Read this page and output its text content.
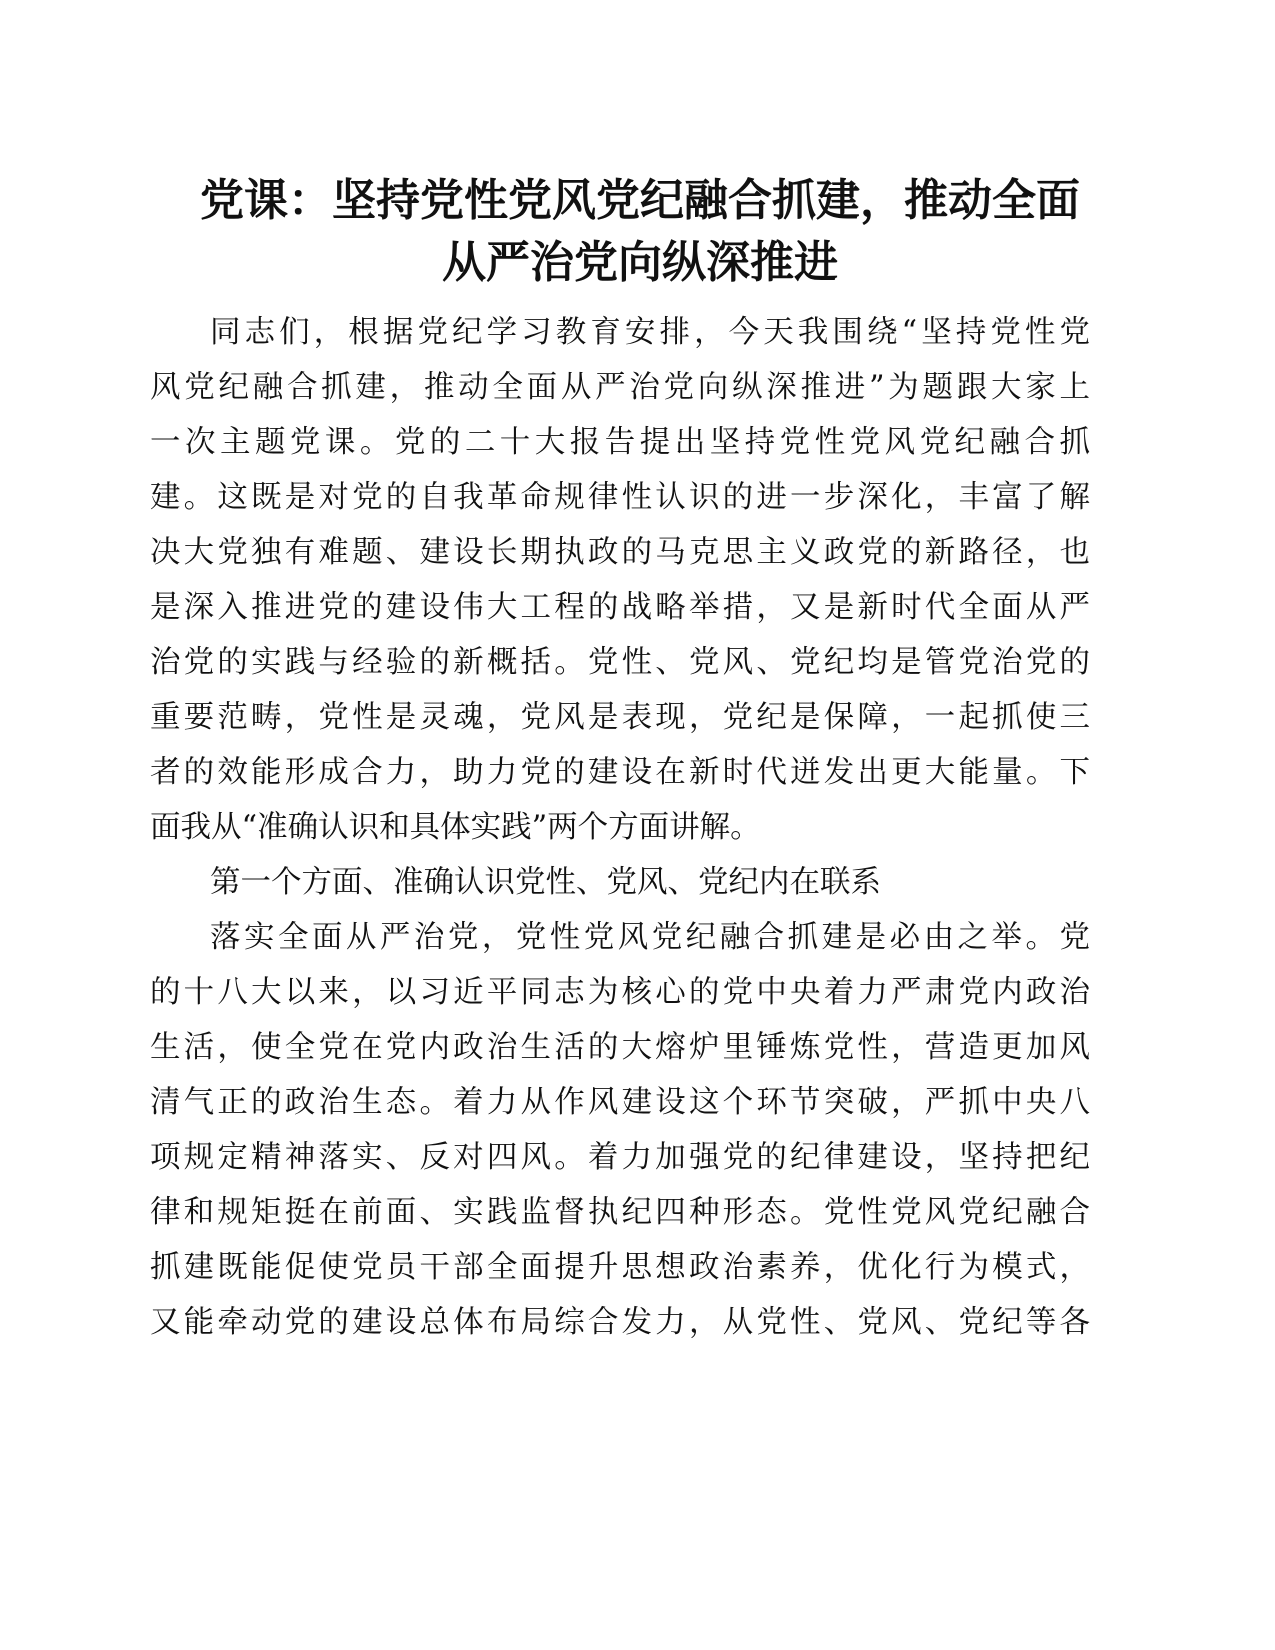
党课：坚持党性党风党纪融合抓建，推动全面
从严治党向纵深推进
同志们，根据党纪学习教育安排，今天我围绕“坚持党性党
风党纪融合抓建，推动全面从严治党向纵深推进”为题跟大家上
一次主题党课。党的二十大报告提出坚持党性党风党纪融合抓
建。这既是对党的自我革命规律性认识的进一步深化，丰富了解
决大党独有难题、建设长期执政的马克思主义政党的新路径，也
是深入推进党的建设伟大工程的战略举措，又是新时代全面从严
治党的实践与经验的新概括。党性、党风、党纪均是管党治党的
重要范畴，党性是灵魂，党风是表现，党纪是保障，一起抓使三
者的效能形成合力，助力党的建设在新时代迸发出更大能量。下
面我从“准确认识和具体实践”两个方面讲解。
第一个方面、准确认识党性、党风、党纪内在联系
落实全面从严治党，党性党风党纪融合抓建是必由之举。党
的十八大以来，以习近平同志为核心的党中央着力严肃党内政治
生活，使全党在党内政治生活的大熔炉里锤炼党性，营造更加风
清气正的政治生态。着力从作风建设这个环节突破，严抓中央八
项规定精神落实、反对四风。着力加强党的纪律建设，坚持把纪
律和规矩挺在前面、实践监督执纪四种形态。党性党风党纪融合
抓建既能促使党员干部全面提升思想政治素养，优化行为模式，
又能牵动党的建设总体布局综合发力，从党性、党风、党纪等各
